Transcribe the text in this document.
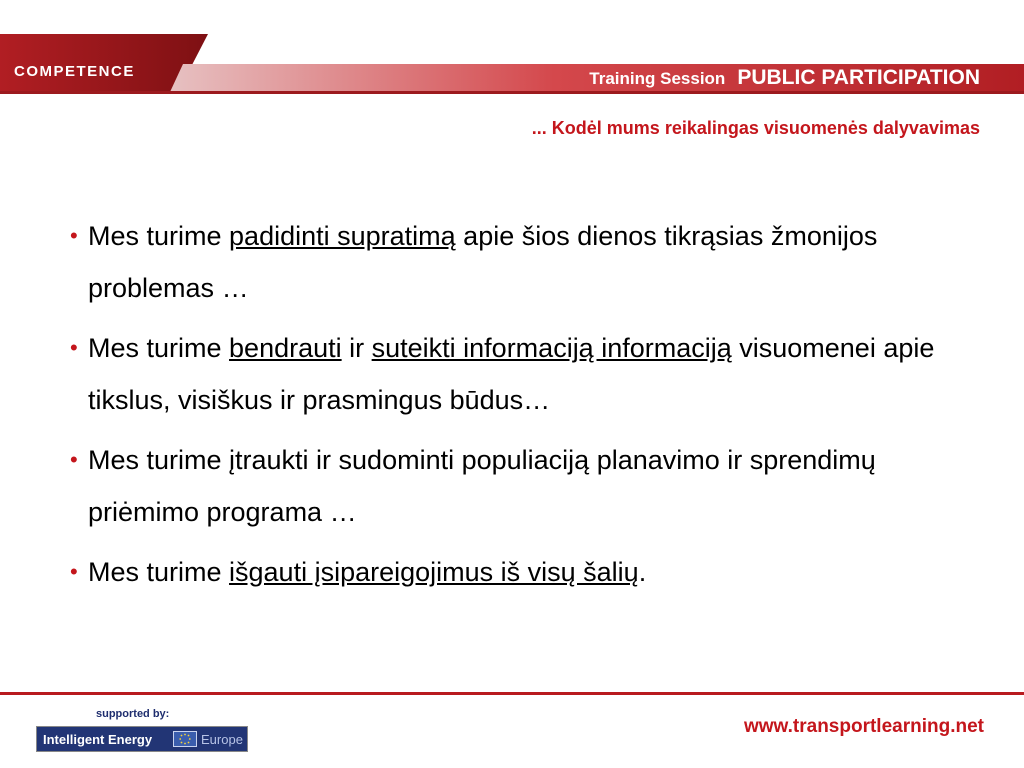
COMPETENCE	Training Session PUBLIC PARTICIPATION
... Kodėl mums reikalingas visuomenės dalyvavimas
• Mes turime padidinti supratimą apie šios dienos tikrąsias žmonijos problemas …
• Mes turime bendrauti ir suteikti informaciją informaciją visuomenei apie tikslus, visiškus ir prasmingus būdus…
• Mes turime įtraukti ir sudominti populiaciją planavimo ir sprendimų priėmimo programa …
• Mes turime išgauti įsipareigojimus iš visų šalių.
supported by:
Intelligent Energy	Europe
www.transportlearning.net
